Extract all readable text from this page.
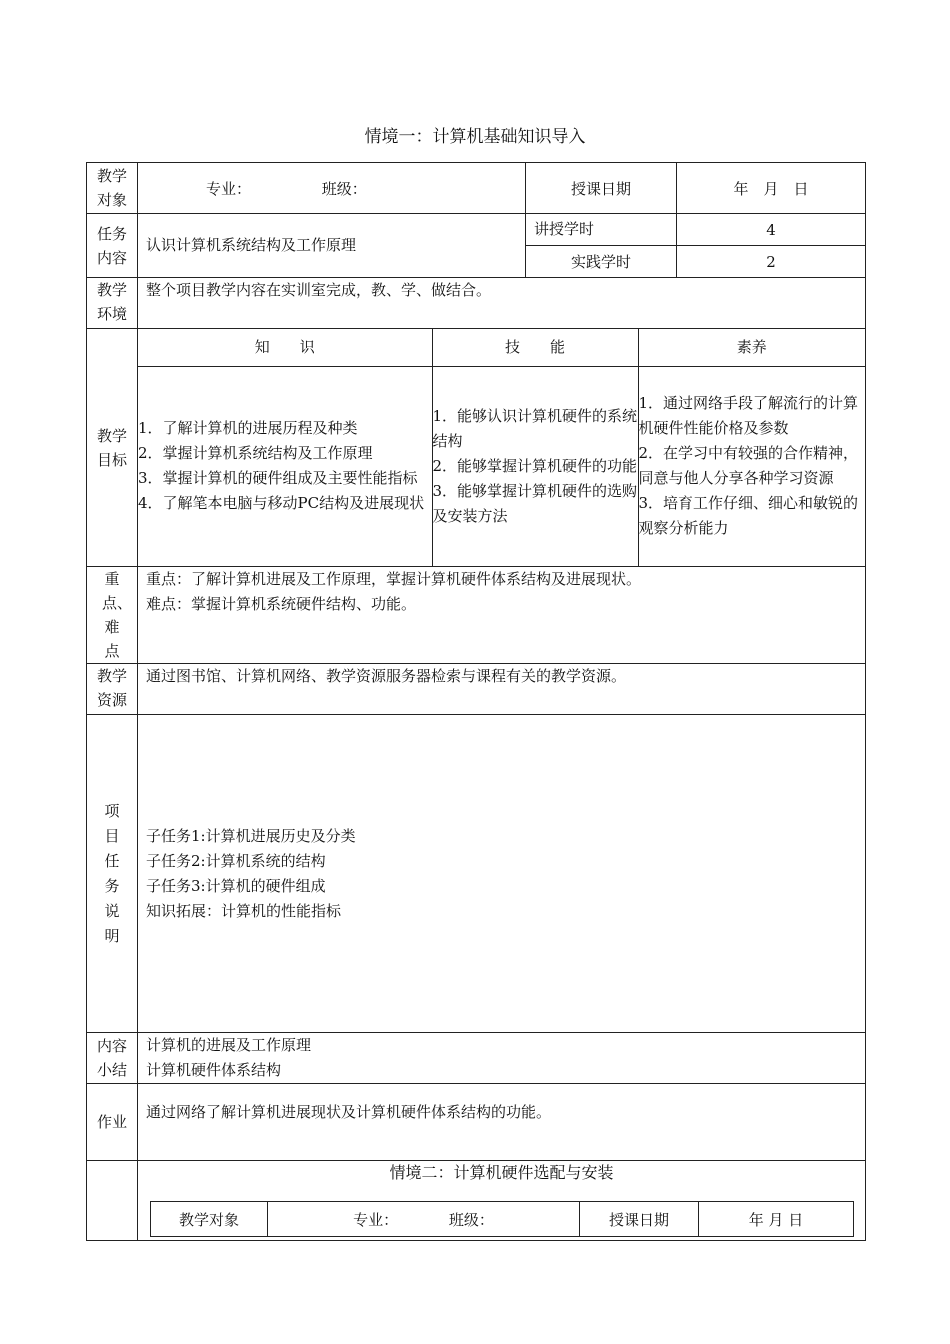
情境一：计算机基础知识导入
教学对象	专业：	班级：	授课日期	年　月　日
任务内容	认识计算机系统结构及工作原理	讲授学时	4
实践学时	2
教学环境	整个项目教学内容在实训室完成，教、学、做结合。
教学目标	
知　　识	技　　能	素养

1．了解计算机的进展历程及种类
2．掌握计算机系统结构及工作原理
3．掌握计算机的硬件组成及主要性能指标
4．了解笔本电脑与移动PC结构及进展现状

1．能够认识计算机硬件的系统结构
2．能够掌握计算机硬件的功能
3．能够掌握计算机硬件的选购及安装方法

1．通过网络手段了解流行的计算机硬件性能价格及参数
2．在学习中有较强的合作精神，同意与他人分享各种学习资源
3．培育工作仔细、细心和敏锐的观察分析能力

重点、难点	
重点：了解计算机进展及工作原理，掌握计算机硬件体系结构及进展现状。
难点：掌握计算机系统硬件结构、功能。

教学资源	通过图书馆、计算机网络、教学资源服务器检索与课程有关的教学资源。
项目任务说明	
子任务1:计算机进展历史及分类
子任务2:计算机系统的结构
子任务3:计算机的硬件组成
知识拓展：计算机的性能指标

内容小结	
计算机的进展及工作原理
计算机硬件体系结构

作业	通过网络了解计算机进展现状及计算机硬件体系结构的功能。

情境二：计算机硬件选配与安装
教学对象	专业：	班级：	授课日期	年 月 日
